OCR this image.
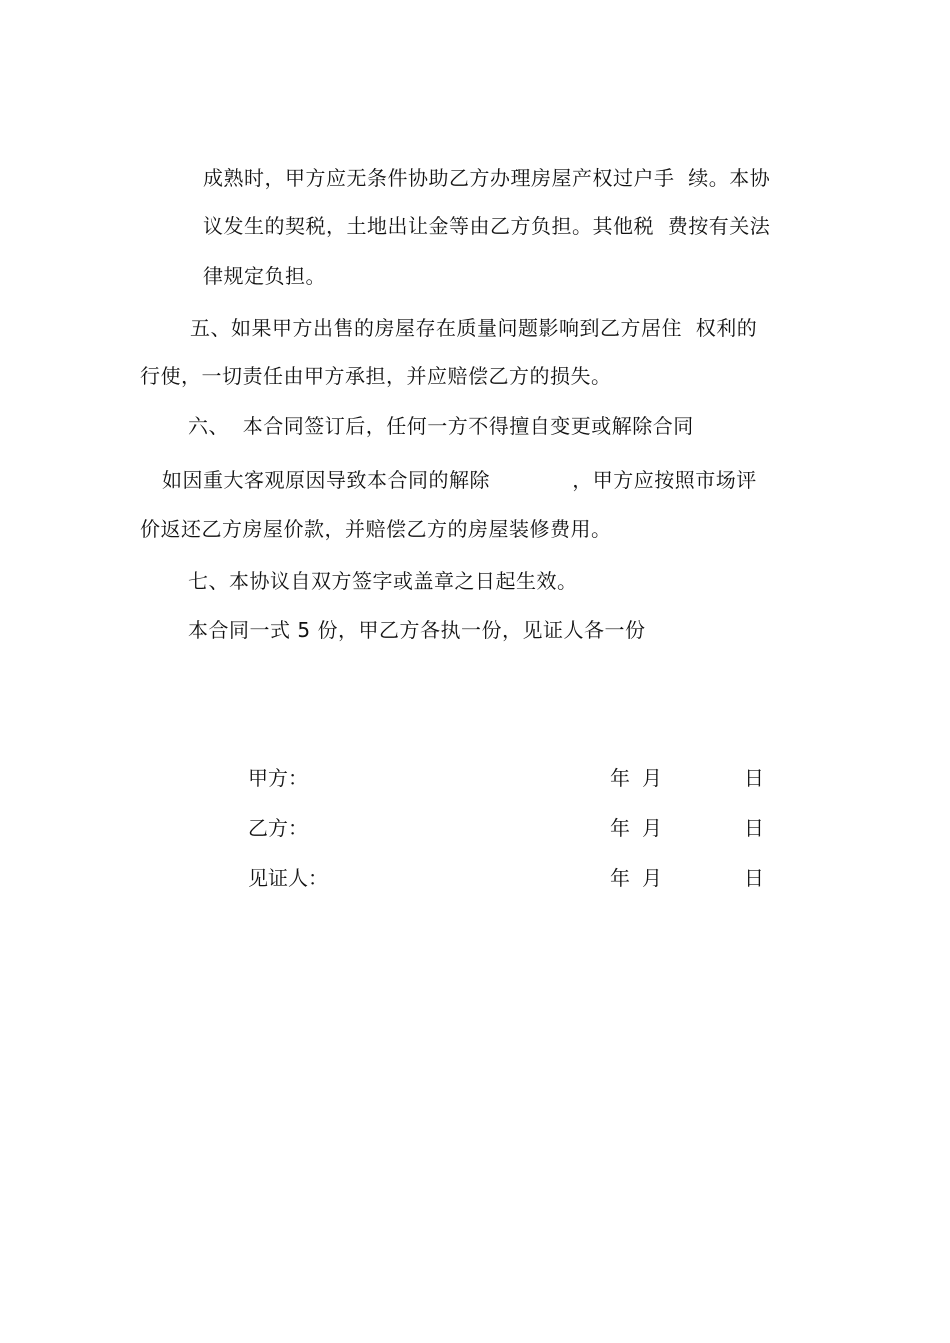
成熟时，甲方应无条件协助乙方办理房屋产权过户手  续。本协
议发生的契税，土地出让金等由乙方负担。其他税  费按有关法
律规定负担。
五、如果甲方出售的房屋存在质量问题影响到乙方居住  权利的
行使，一切责任由甲方承担，并应赔偿乙方的损失。
六、  本合同签订后，任何一方不得擅自变更或解除合同
如因重大客观原因导致本合同的解除            ，甲方应按照市场评
价返还乙方房屋价款，并赔偿乙方的房屋装修费用。
七、本协议自双方签字或盖章之日起生效。
本合同一式 5 份，甲乙方各执一份，见证人各一份
甲方：	年 月	日
乙方：	年 月	日
见证人：	年 月	日
